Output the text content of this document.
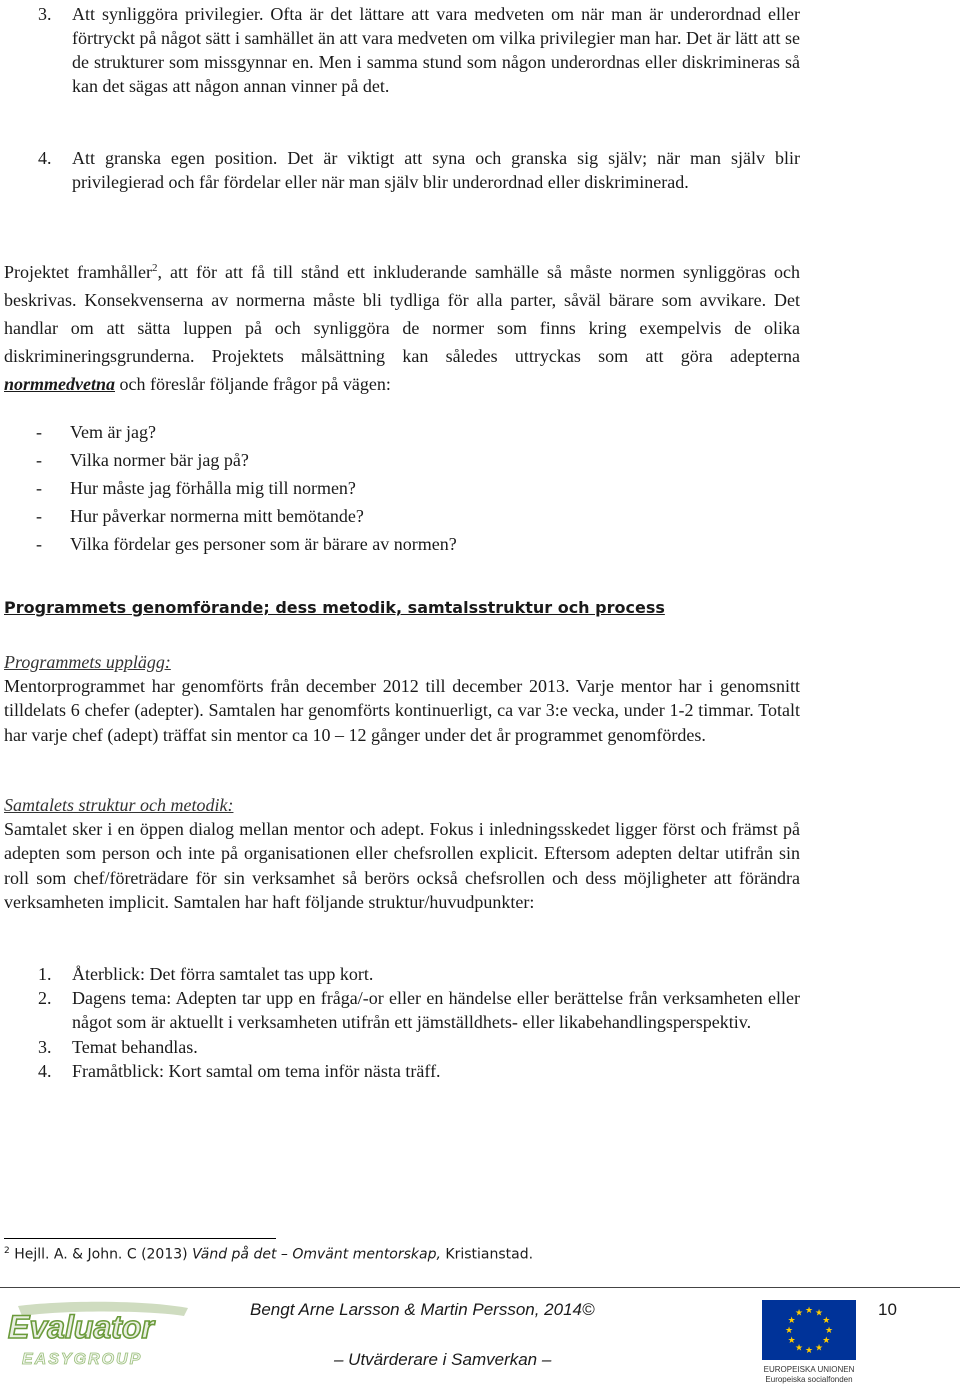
3.	Att synliggöra privilegier. Ofta är det lättare att vara medveten om när man är underordnad eller förtryckt på något sätt i samhället än att vara medveten om vilka privilegier man har. Det är lätt att se de strukturer som missgynnar en. Men i samma stund som någon underordnas eller diskrimineras så kan det sägas att någon annan vinner på det.
4.	Att granska egen position. Det är viktigt att syna och granska sig själv; när man själv blir privilegierad och får fördelar eller när man själv blir underordnad eller diskriminerad.
Projektet framhåller$^2$, att för att få till stånd ett inkluderande samhälle så måste normen synliggöras och beskrivas. Konsekvenserna av normerna måste bli tydliga för alla parter, såväl bärare som avvikare. Det handlar om att sätta luppen på och synliggöra de normer som finns kring exempelvis de olika diskrimineringsgrunderna. Projektets målsättning kan således uttryckas som att göra adepterna normmedvetna och föreslår följande frågor på vägen:
- Vem är jag?
- Vilka normer bär jag på?
- Hur måste jag förhålla mig till normen?
- Hur påverkar normerna mitt bemötande?
- Vilka fördelar ges personer som är bärare av normen?
Programmets genomförande; dess metodik, samtalsstruktur och process
Programmets upplägg:
Mentorprogrammet har genomförts från december 2012 till december 2013. Varje mentor har i genomsnitt tilldelats 6 chefer (adepter). Samtalen har genomförts kontinuerligt, ca var 3:e vecka, under 1-2 timmar. Totalt har varje chef (adept) träffat sin mentor ca 10 – 12 gånger under det år programmet genomfördes.
Samtalets struktur och metodik:
Samtalet sker i en öppen dialog mellan mentor och adept. Fokus i inledningsskedet ligger först och främst på adepten som person och inte på organisationen eller chefsrollen explicit. Eftersom adepten deltar utifrån sin roll som chef/företrädare för sin verksamhet så berörs också chefsrollen och dess möjligheter att förändra verksamheten implicit. Samtalen har haft följande struktur/huvudpunkter:
1. Återblick: Det förra samtalet tas upp kort.
2. Dagens tema: Adepten tar upp en fråga/-or eller en händelse eller berättelse från verksamheten eller något som är aktuellt i verksamheten utifrån ett jämställdhets- eller likabehandlingsperspektiv.
3. Temat behandlas.
4. Framåtblick: Kort samtal om tema inför nästa träff.
$^2$ Hejll. A. & John. C (2013) Vänd på det – Omvänt mentorskap, Kristianstad.
Evaluator
EASYGROUP
Bengt Arne Larsson & Martin Persson, 2014©
– Utvärderare i Samverkan –
★
★
★
★
★
★
★
★
★ ★ ★
★
EUROPEISKA UNIONEN
Europeiska socialfonden
10
